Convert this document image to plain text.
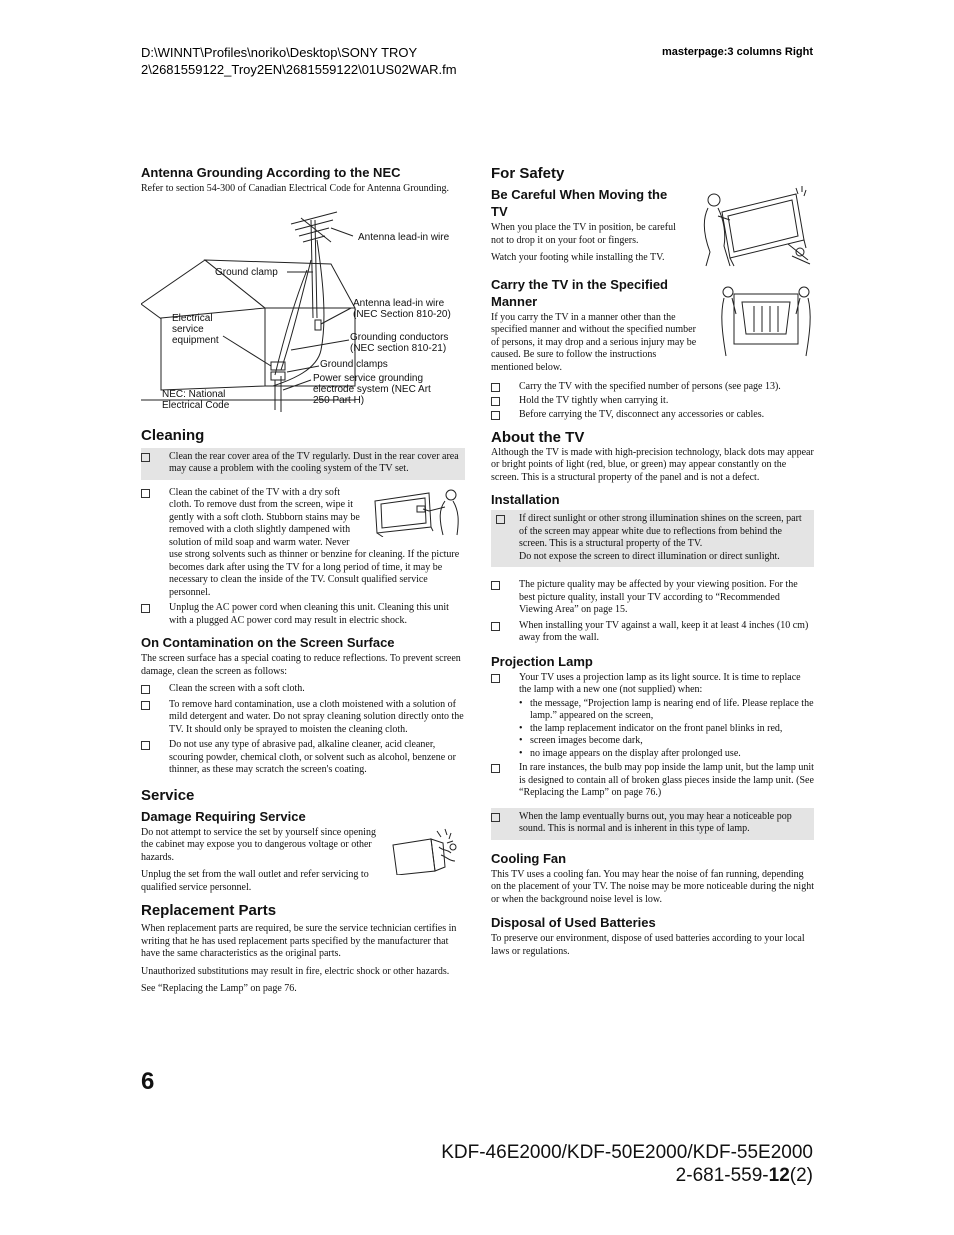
D:\WINNT\Profiles\noriko\Desktop\SONY TROY
2\2681559122_Troy2EN\2681559122\01US02WAR.fm
masterpage:3 columns Right
Antenna Grounding According to the NEC

Refer to section 54-300 of Canadian Electrical Code for Antenna Grounding.

Antenna lead-in wire
Ground clamp
Antenna lead-in wire
(NEC Section 810-20)
Electrical
service
equipment	Grounding conductors
(NEC section 810-21)
Ground clamps
Power service grounding
electrode system (NEC Art
250 Part H)
NEC: National
Electrical Code
Cleaning
Clean the rear cover area of the TV regularly. Dust in the rear cover area may cause a problem with the cooling system of the TV set.
Clean the cabinet of the TV with a dry soft
cloth. To remove dust from the screen, wipe it
gently with a soft cloth. Stubborn stains may be
removed with a cloth slightly dampened with
solution of mild soap and warm water. Never
use strong solvents such as thinner or benzine for cleaning. If the picture becomes dark after using the TV for a long period of time, it may be necessary to clean the inside of the TV. Consult qualified service personnel.
Unplug the AC power cord when cleaning this unit. Cleaning this unit with a plugged AC power cord may result in electric shock.
On Contamination on the Screen Surface

The screen surface has a special coating to reduce reflections. To prevent screen damage, clean the screen as follows:

Clean the screen with a soft cloth.
To remove hard contamination, use a cloth moistened with a solution of mild detergent and water. Do not spray cleaning solution directly onto the TV. It should only be sprayed to moisten the cleaning cloth.
Do not use any type of abrasive pad, alkaline cleaner, acid cleaner, scouring powder, chemical cloth, or solvent such as alcohol, benzene or thinner, as these may scratch the screen's coating.
Service
Damage Requiring Service

Do not attempt to service the set by yourself since opening
the cabinet may expose you to dangerous voltage or other
hazards.

Unplug the set from the wall outlet and refer servicing to
qualified service personnel.

Replacement Parts

When replacement parts are required, be sure the service technician certifies in writing that he has used replacement parts specified by the manufacturer that have the same characteristics as the original parts.

Unauthorized substitutions may result in fire, electric shock or other hazards.

See “Replacing the Lamp” on page 76.

For Safety
Be Careful When Moving the
TV

When you place the TV in position, be careful
not to drop it on your foot or fingers.

Watch your footing while installing the TV.

Carry the TV in the Specified
Manner

If you carry the TV in a manner other than the
specified manner and without the specified number
of persons, it may drop and a serious injury may be
caused. Be sure to follow the instructions
mentioned below.

Carry the TV with the specified number of persons (see page 13).
Hold the TV tightly when carrying it.
Before carrying the TV, disconnect any accessories or cables.
About the TV

Although the TV is made with high-precision technology, black dots may appear or bright points of light (red, blue, or green) may appear constantly on the screen. This is a structural property of the panel and is not a defect.

Installation
If direct sunlight or other strong illumination shines on the screen, part of the screen may appear white due to reflections from behind the screen. This is a structural property of the TV.
Do not expose the screen to direct illumination or direct sunlight.
The picture quality may be affected by your viewing position. For the best picture quality, install your TV according to “Recommended Viewing Area” on page 15.
When installing your TV against a wall, keep it at least 4 inches (10 cm) away from the wall.
Projection Lamp
Your TV uses a projection lamp as its light source. It is time to replace the lamp with a new one (not supplied) when:
• the message, “Projection lamp is nearing end of life. Please replace the lamp.” appeared on the screen,
• the lamp replacement indicator on the front panel blinks in red,
• screen images become dark,
• no image appears on the display after prolonged use.
In rare instances, the bulb may pop inside the lamp unit, but the lamp unit is designed to contain all of broken glass pieces inside the lamp unit. (See “Replacing the Lamp” on page 76.)
When the lamp eventually burns out, you may hear a noticeable pop sound. This is normal and is inherent in this type of lamp.
Cooling Fan

This TV uses a cooling fan. You may hear the noise of fan running, depending on the placement of your TV. The noise may be more noticeable during the night or when the background noise level is low.

Disposal of Used Batteries

To preserve our environment, dispose of used batteries according to your local laws or regulations.

6
KDF-46E2000/KDF-50E2000/KDF-55E2000
2-681-559-12(2)
